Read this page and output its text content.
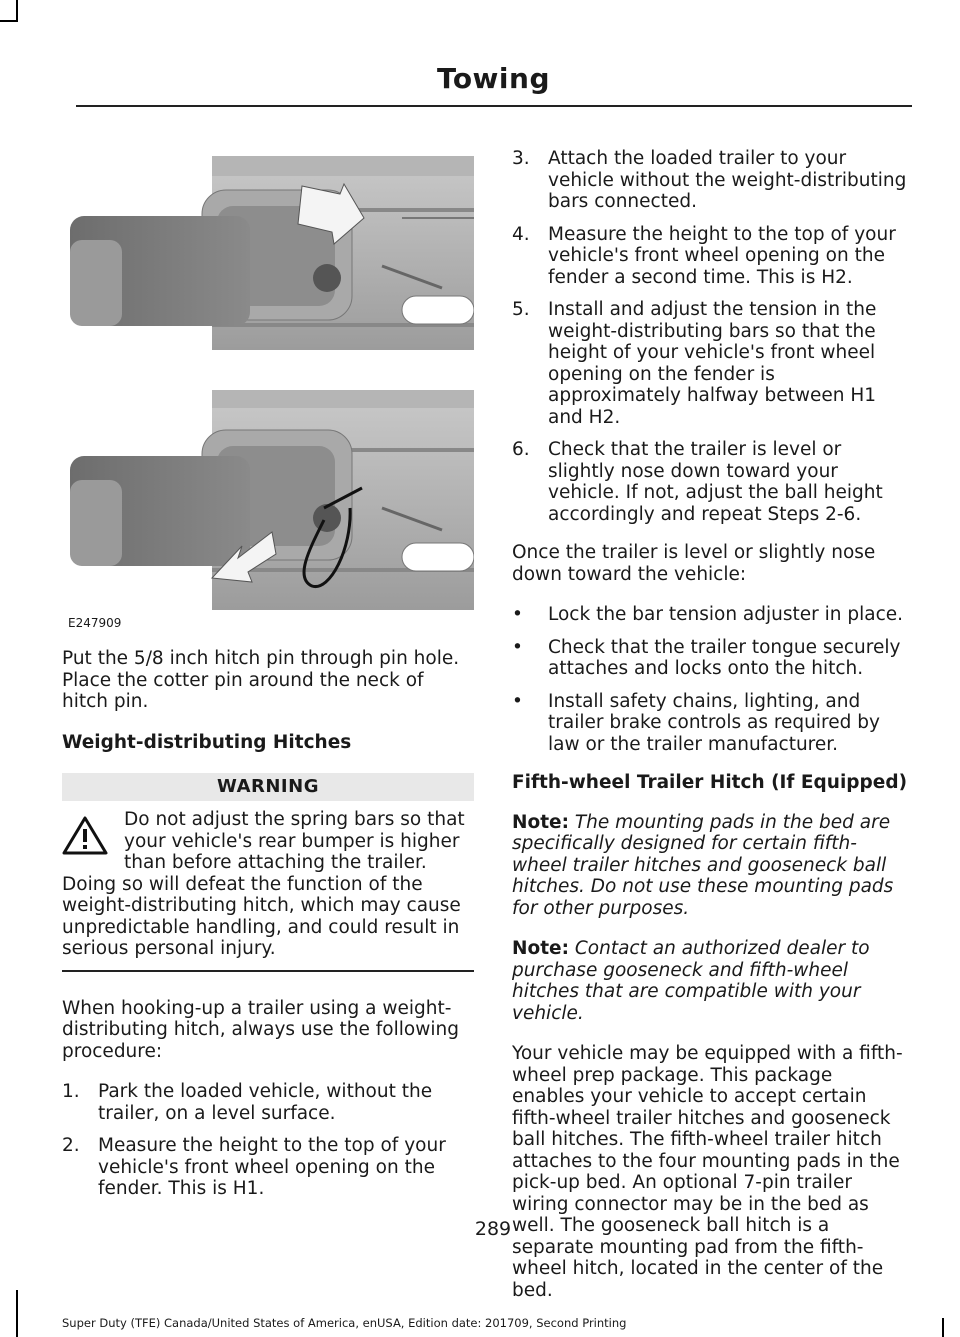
Towing
E247909

Put the 5/8 inch hitch pin through pin hole. Place the cotter pin around the neck of hitch pin.

Weight-distributing Hitches
WARNING
Do not adjust the spring bars so that your vehicle's rear bumper is higher than before attaching the trailer.
Doing so will defeat the function of the weight-distributing hitch, which may cause unpredictable handling, and could result in serious personal injury.

When hooking-up a trailer using a weight-distributing hitch, always use the following procedure:

1. Park the loaded vehicle, without the trailer, on a level surface.
2. Measure the height to the top of your vehicle's front wheel opening on the fender. This is H1.
3. Attach the loaded trailer to your vehicle without the weight-distributing bars connected.
4. Measure the height to the top of your vehicle's front wheel opening on the fender a second time. This is H2.
5. Install and adjust the tension in the weight-distributing bars so that the height of your vehicle's front wheel opening on the fender is approximately halfway between H1 and H2.
6. Check that the trailer is level or slightly nose down toward your vehicle. If not, adjust the ball height accordingly and repeat Steps 2-6.

Once the trailer is level or slightly nose down toward the vehicle:

• Lock the bar tension adjuster in place.
• Check that the trailer tongue securely attaches and locks onto the hitch.
• Install safety chains, lighting, and trailer brake controls as required by law or the trailer manufacturer.
Fifth-wheel Trailer Hitch (If Equipped)

Note: The mounting pads in the bed are specifically designed for certain fifth-wheel trailer hitches and gooseneck ball hitches. Do not use these mounting pads for other purposes.

Note: Contact an authorized dealer to purchase gooseneck and fifth-wheel hitches that are compatible with your vehicle.

Your vehicle may be equipped with a fifth-wheel prep package. This package enables your vehicle to accept certain fifth-wheel trailer hitches and gooseneck ball hitches. The fifth-wheel trailer hitch attaches to the four mounting pads in the pick-up bed. An optional 7-pin trailer wiring connector may be in the bed as well. The gooseneck ball hitch is a separate mounting pad from the fifth-wheel hitch, located in the center of the bed.

289
Super Duty (TFE) Canada/United States of America, enUSA, Edition date: 201709, Second Printing
